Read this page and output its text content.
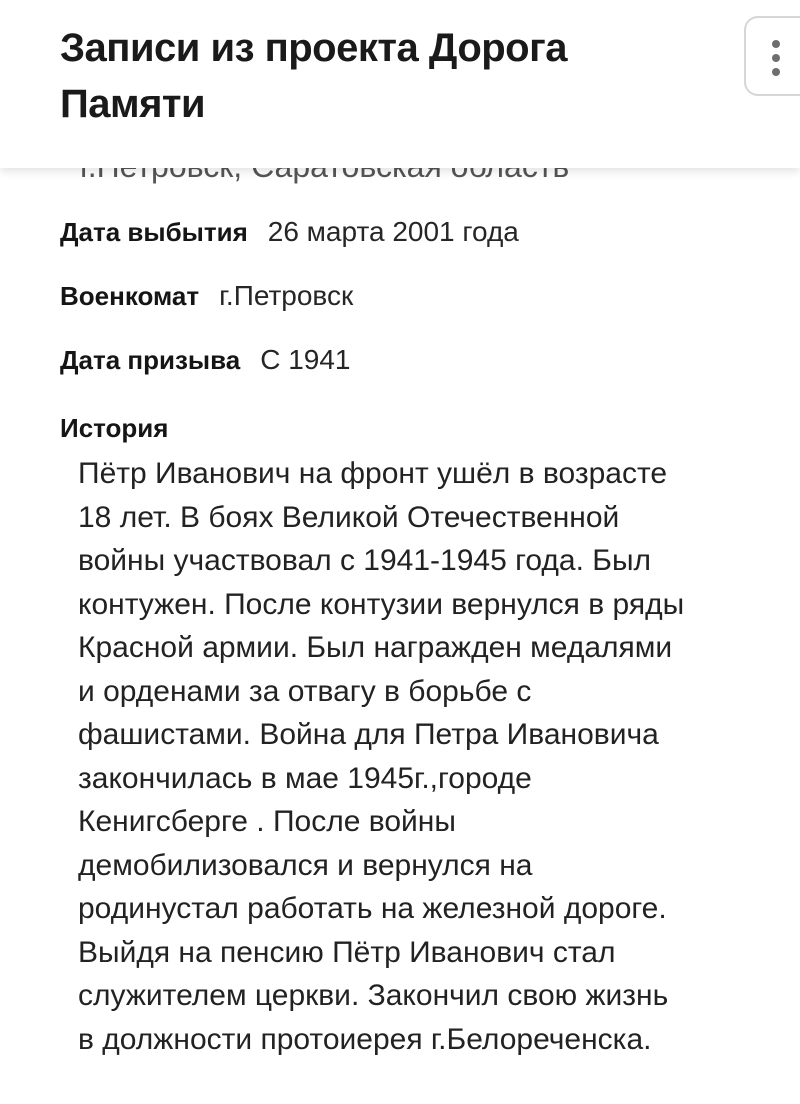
Записи из проекта Дорога Памяти
Дата выбытия 26 марта 2001 года
Военкомат г.Петровск
Дата призыва С 1941
История
Пётр Иванович на фронт ушёл в возрасте
18 лет. В боях Великой Отечественной
войны участвовал с 1941-1945 года. Был
контужен. После контузии вернулся в ряды
Красной армии. Был награжден медалями
и орденами за отвагу в борьбе с
фашистами. Война для Петра Ивановича
закончилась в мае 1945г.,городе
Кенигсберге . После войны
демобилизовался и вернулся на
родинустал работать на железной дороге.
Выйдя на пенсию Пётр Иванович стал
служителем церкви. Закончил свою жизнь
в должности протоиерея г.Белореченска.
